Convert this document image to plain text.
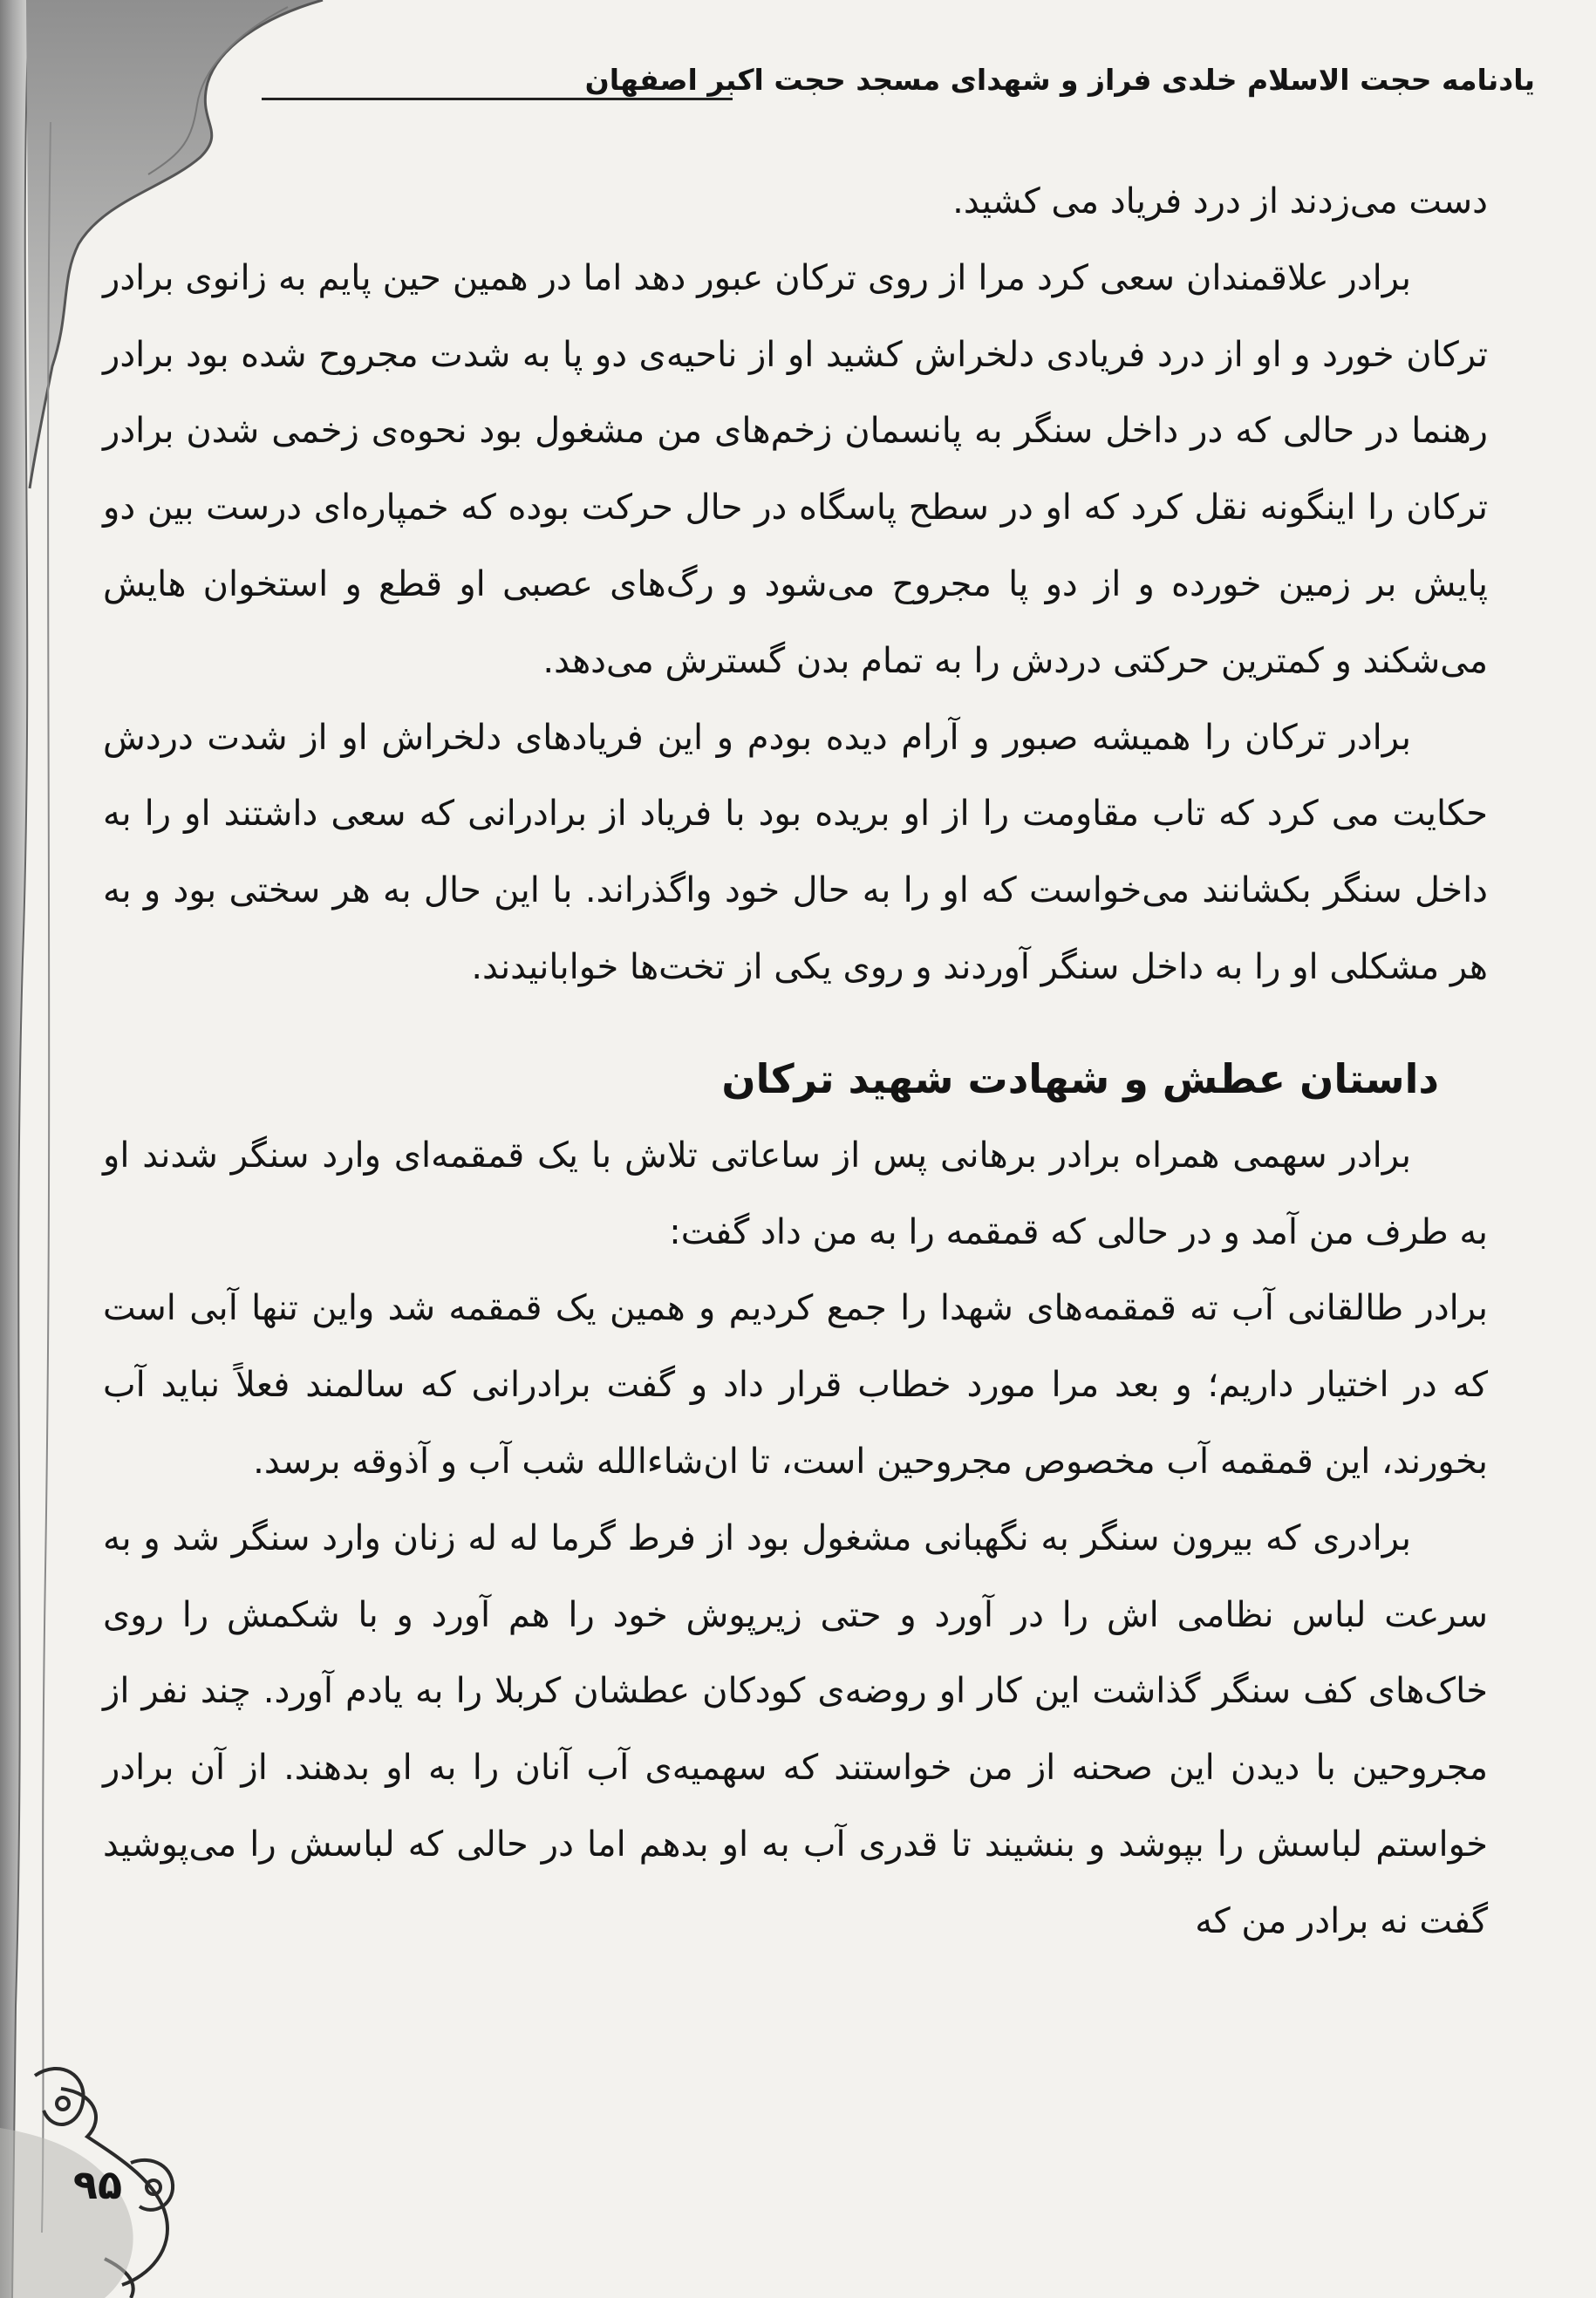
یادنامه حجت الاسلام خلدی فراز و شهدای مسجد حجت اکبر اصفهان

دست می‌زدند از درد فریاد می کشید.

برادر علاقمندان سعی کرد مرا از روی ترکان عبور دهد اما در همین حین پایم به زانوی برادر ترکان خورد و او از درد فریادی دلخراش کشید او از ناحیه‌ی دو پا به شدت مجروح شده بود برادر رهنما در حالی که در داخل سنگر به پانسمان زخم‌های من مشغول بود نحوه‌ی زخمی شدن برادر ترکان را اینگونه نقل کرد که او در سطح پاسگاه در حال حرکت بوده که خمپاره‌ای درست بین دو پایش بر زمین خورده و از دو پا مجروح می‌شود و رگ‌های عصبی او قطع و استخوان هایش می‌شکند و کمترین حرکتی دردش را به تمام بدن گسترش می‌دهد.

برادر ترکان را همیشه صبور و آرام دیده بودم و این فریادهای دلخراش او از شدت دردش حکایت می کرد که تاب مقاومت را از او بریده بود با فریاد از برادرانی که سعی داشتند او را به داخل سنگر بکشانند می‌خواست که او را به حال خود واگذراند. با این حال به هر سختی بود و به هر مشکلی او را به داخل سنگر آوردند و روی یکی از تخت‌ها خوابانیدند.

داستان عطش و شهادت شهید ترکان

برادر سهمی همراه برادر برهانی پس از ساعاتی تلاش با یک قمقمه‌ای وارد سنگر شدند او به طرف من آمد و در حالی که قمقمه را به من داد گفت:

برادر طالقانی آب ته قمقمه‌های شهدا را جمع کردیم و همین یک قمقمه شد واین تنها آبی است که در اختیار داریم؛ و بعد مرا مورد خطاب قرار داد و گفت برادرانی که سالمند فعلاً نباید آب بخورند، این قمقمه آب مخصوص مجروحین است، تا ان‌شاءالله شب آب و آذوقه برسد.

برادری که بیرون سنگر به نگهبانی مشغول بود از فرط گرما له له زنان وارد سنگر شد و به سرعت لباس نظامی اش را در آورد و حتی زیرپوش خود را هم آورد و با شکمش را روی خاک‌های کف سنگر گذاشت این کار او روضه‌ی کودکان عطشان کربلا را به یادم آورد. چند نفر از مجروحین با دیدن این صحنه از من خواستند که سهمیه‌ی آب آنان را به او بدهند. از آن برادر خواستم لباسش را بپوشد و بنشیند تا قدری آب به او بدهم اما در حالی که لباسش را می‌پوشید گفت نه برادر من که

۹۵
